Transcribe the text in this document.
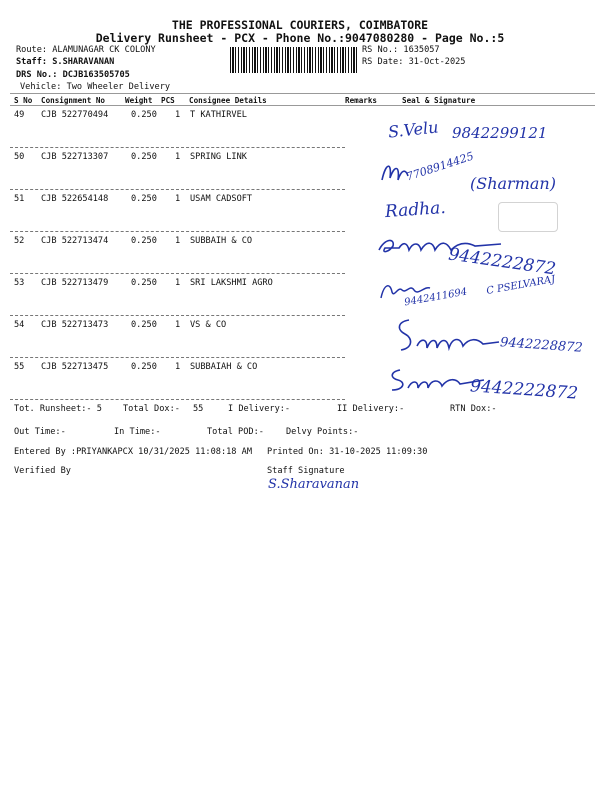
THE PROFESSIONAL COURIERS, COIMBATORE
Delivery Runsheet - PCX - Phone No.:9047080280 - Page No.:5
Route: ALAMUNAGAR CK COLONY
Staff: S.SHARAVANAN
DRS No.: DCJB163505705
Vehicle: Two Wheeler Delivery
RS No.: 1635057
RS Date: 31-Oct-2025
S No Consignment No	Weight PCS Consignee Details	Remarks	Seal & Signature
49 CJB 522770494	0.250 1 T KATHIRVEL
50 CJB 522713307	0.250 1 SPRING LINK
51 CJB 522654148	0.250 1 USAM CADSOFT
52 CJB 522713474	0.250 1 SUBBAIH & CO
53 CJB 522713479	0.250 1 SRI LAKSHMI AGRO
54 CJB 522713473	0.250 1 VS & CO
55 CJB 522713475	0.250 1 SUBBAIAH & CO
S.Velu 9842299121
7708914425
(Sharman)
Radha.
9442222872
9442411694
C PSELVARAJ
9442228872
9442222872
Tot. Runsheet:- 5 Total Dox:- 55	I Delivery:-	II Delivery:-	RTN Dox:-
Out Time:-	In Time:-	Total POD:-	Delvy Points:-
Entered By :PRIYANKAPCX 10/31/2025 11:08:18 AM Printed On: 31-10-2025 11:09:30
Verified By	Staff Signature
S.Sharavanan
